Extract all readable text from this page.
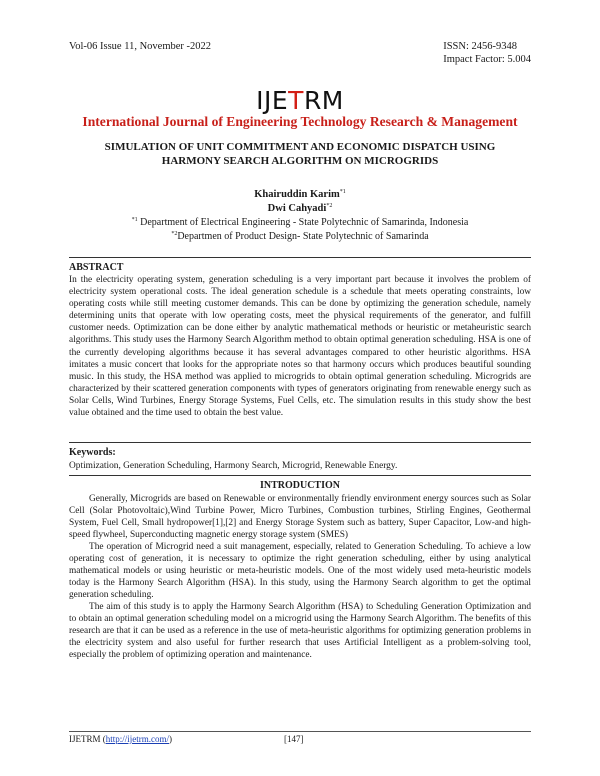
Vol-06 Issue 11, November -2022	ISSN: 2456-9348
Impact Factor: 5.004
IJETRM
International Journal of Engineering Technology Research & Management
SIMULATION OF UNIT COMMITMENT AND ECONOMIC DISPATCH USING
HARMONY SEARCH ALGORITHM ON MICROGRIDS
Khairuddin Karim$^{*1}$
Dwi Cahyadi$^{*2}$
$^{*1}$ Department of Electrical Engineering - State Polytechnic of Samarinda, Indonesia
$^{*2}$Departmen of Product Design- State Polytechnic of Samarinda
ABSTRACT
In the electricity operating system, generation scheduling is a very important part because it involves the problem of electricity system operational costs. The ideal generation schedule is a schedule that meets operating constraints, low operating costs while still meeting customer demands. This can be done by optimizing the generation schedule, namely determining units that operate with low operating costs, meet the physical requirements of the generator, and fulfill customer needs. Optimization can be done either by analytic mathematical methods or heuristic or metaheuristic search algorithms. This study uses the Harmony Search Algorithm method to obtain optimal generation scheduling. HSA is one of the currently developing algorithms because it has several advantages compared to other heuristic algorithms. HSA imitates a music concert that looks for the appropriate notes so that harmony occurs which produces beautiful sounding music. In this study, the HSA method was applied to microgrids to obtain optimal generation scheduling. Microgrids are characterized by their scattered generation components with types of generators originating from renewable energy such as Solar Cells, Wind Turbines, Energy Storage Systems, Fuel Cells, etc. The simulation results in this study show the best value obtained and the time used to obtain the best value.
Keywords:
Optimization, Generation Scheduling, Harmony Search, Microgrid, Renewable Energy.
INTRODUCTION

Generally, Microgrids are based on Renewable or environmentally friendly environment energy sources such as Solar Cell (Solar Photovoltaic),Wind Turbine Power, Micro Turbines, Combustion turbines, Stirling Engines, Geothermal System, Fuel Cell, Small hydropower[1],[2] and Energy Storage System such as battery, Super Capacitor, Low-and high-speed flywheel, Superconducting magnetic energy storage system (SMES)

The operation of Microgrid need a suit management, especially, related to Generation Scheduling. To achieve a low operating cost of generation, it is necessary to optimize the right generation scheduling, either by using analytical mathematical models or using heuristic or meta-heuristic models. One of the most widely used meta-heuristic models today is the Harmony Search Algorithm (HSA). In this study, using the Harmony Search algorithm to get the optimal generation scheduling.

The aim of this study is to apply the Harmony Search Algorithm (HSA) to Scheduling Generation Optimization and to obtain an optimal generation scheduling model on a microgrid using the Harmony Search Algorithm. The benefits of this research are that it can be used as a reference in the use of meta-heuristic algorithms for optimizing generation problems in the electricity system and also useful for further research that uses Artificial Intelligent as a problem-solving tool, especially the problem of optimizing operation and maintenance.

IJETRM (http://ijetrm.com/)	[147]
